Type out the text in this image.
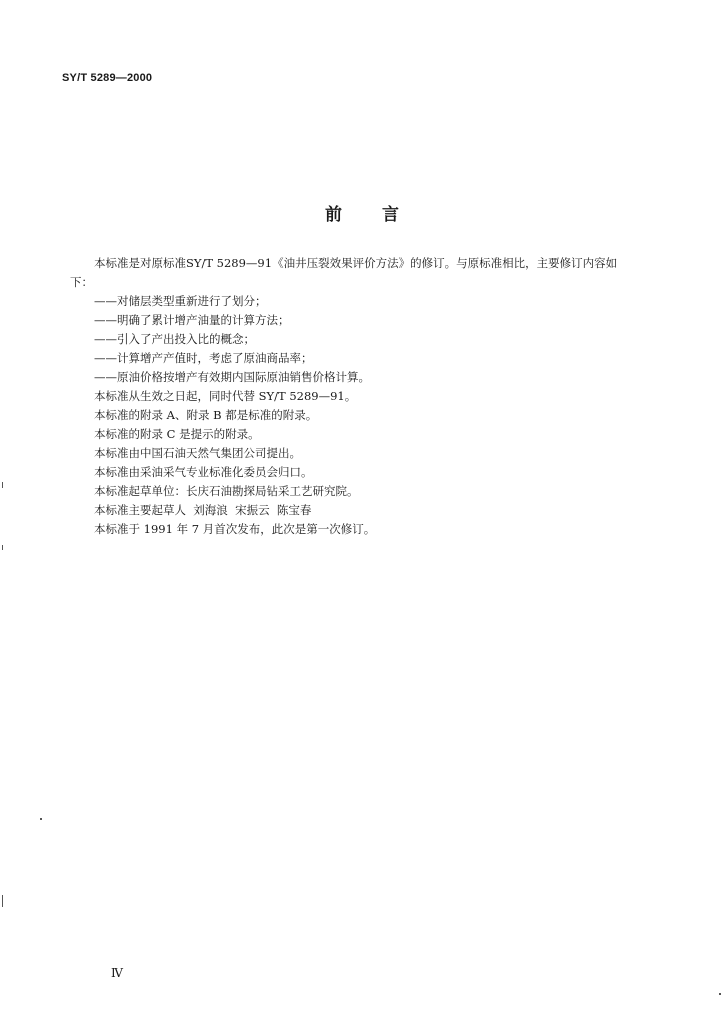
SY/T 5289—2000
前 言

本标准是对原标准SY/T 5289—91《油井压裂效果评价方法》的修订。与原标准相比，主要修订内容如下：

——对储层类型重新进行了划分；

——明确了累计增产油量的计算方法；

——引入了产出投入比的概念；

——计算增产产值时，考虑了原油商品率；

——原油价格按增产有效期内国际原油销售价格计算。

本标准从生效之日起，同时代替 SY/T 5289—91。

本标准的附录 A、附录 B 都是标准的附录。

本标准的附录 C 是提示的附录。

本标准由中国石油天然气集团公司提出。

本标准由采油采气专业标准化委员会归口。

本标准起草单位：长庆石油勘探局钻采工艺研究院。

本标准主要起草人  刘海浪  宋振云  陈宝春

本标准于 1991 年 7 月首次发布，此次是第一次修订。

Ⅳ
